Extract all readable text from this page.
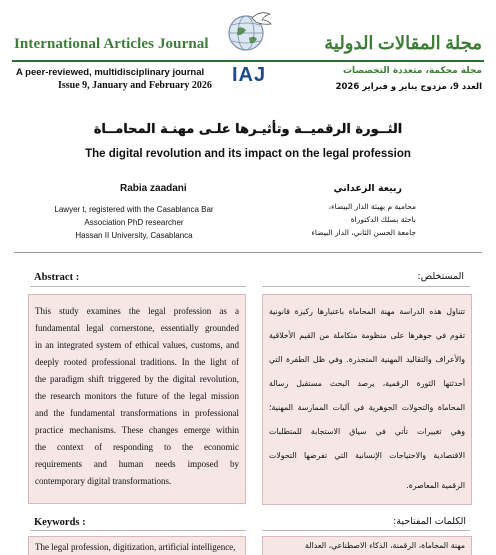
International Articles Journal	مجلة المقالات الدولية
A peer-reviewed, multidisciplinary journal
Issue 9, January and February 2026	IAJ	مجلة محكمة، متعددة التخصصات
العدد 9، مزدوج يناير و فبراير 2026
الثــورة الرقميــة وتأثيـرها علـى مهنـة المحامــاة
The digital revolution and its impact on the legal profession
Rabia zaadani
Lawyer t, registered with the Casablanca Bar
Association PhD researcher
Hassan II University, Casablanca
ربيعة الزعداني
محامية م بهيئة الدار البيضاء،
باحثة بسلك الدكتوراة
جامعة الحسن الثاني، الدار البيضاء
Abstract :	المستخلص:
This study examines the legal profession as a
fundamental legal cornerstone, essentially grounded
in an integrated system of ethical values, customs, and
deeply rooted professional traditions. In the light of
the paradigm shift triggered by the digital revolution,
the research monitors the future of the legal mission
and the fundamental transformations in professional
practice mechanisms. These changes emerge within
the context of responding to the economic
requirements and human needs imposed by
contemporary digital transformations.
تتناول هذه الدراسة مهنة المحاماة باعتبارها ركيزة قانونية
تقوم في جوهرها على منظومة متكاملة من القيم الأخلاقية
والأعراف والتقاليد المهنية المتجذرة. وفي ظل الطفرة التي
أحدثتها الثورة الرقمية، يرصد البحث مستقبل رسالة
المحاماة والتحولات الجوهرية في آليات الممارسة المهنية؛
وهي تغييرات تأتي في سياق الاستجابة للمتطلبات
الاقتصادية والاحتياجات الإنسانية التي تفرضها التحولات
الرقمية المعاصرة.
Keywords :	الكلمات المفتاحية:
The legal profession, digitization, artificial intelligence,	مهنة المحاماة، الرقمنة، الذكاء الاصطناعي، العدالة
